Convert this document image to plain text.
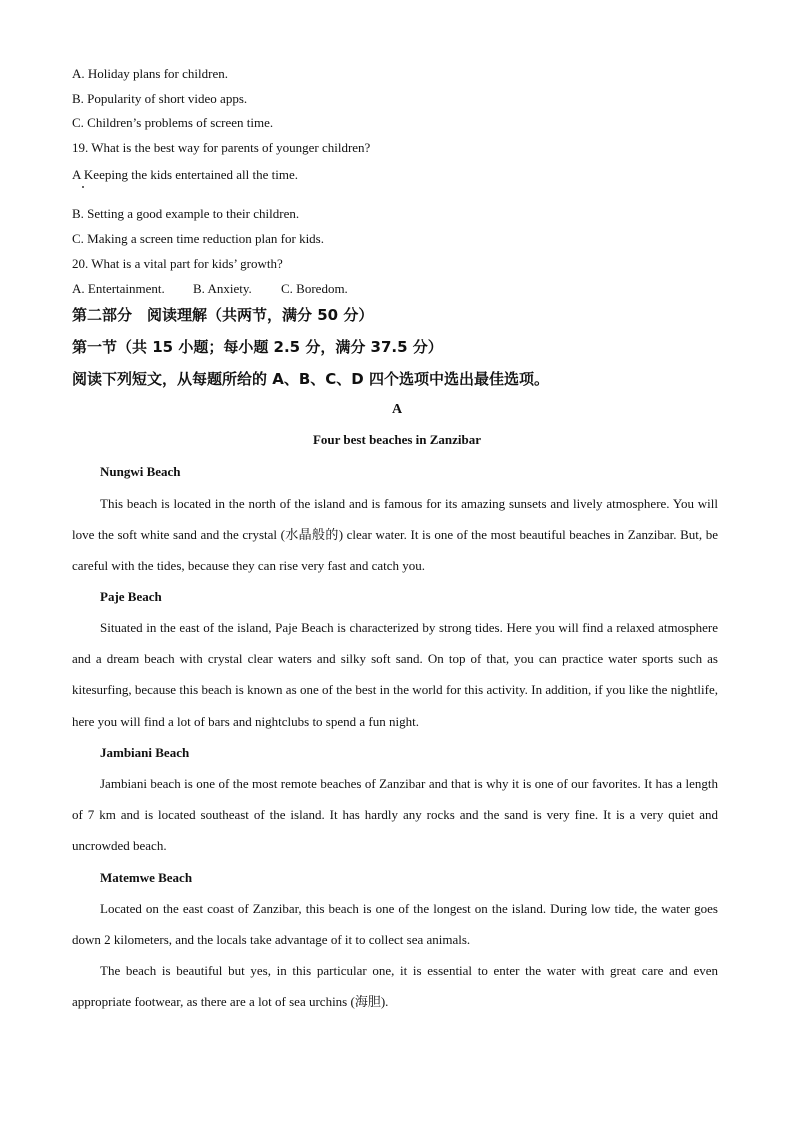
A. Holiday plans for children.
B. Popularity of short video apps.
C. Children’s problems of screen time.
19. What is the best way for parents of younger children?
A Keeping the kids entertained all the time.
B. Setting a good example to their children.
C. Making a screen time reduction plan for kids.
20. What is a vital part for kids’ growth?
A. Entertainment. B. Anxiety. C. Boredom.
第二部分　阅读理解（共两节，满分 50 分）
第一节（共 15 小题；每小题 2.5 分，满分 37.5 分）
阅读下列短文，从每题所给的 A、B、C、D 四个选项中选出最佳选项。
A
Four best beaches in Zanzibar
Nungwi Beach
This beach is located in the north of the island and is famous for its amazing sunsets and lively atmosphere. You will love the soft white sand and the crystal (水晶般的) clear water. It is one of the most beautiful beaches in Zanzibar. But, be careful with the tides, because they can rise very fast and catch you.
Paje Beach
Situated in the east of the island, Paje Beach is characterized by strong tides. Here you will find a relaxed atmosphere and a dream beach with crystal clear waters and silky soft sand. On top of that, you can practice water sports such as kitesurfing, because this beach is known as one of the best in the world for this activity. In addition, if you like the nightlife, here you will find a lot of bars and nightclubs to spend a fun night.
Jambiani Beach
Jambiani beach is one of the most remote beaches of Zanzibar and that is why it is one of our favorites. It has a length of 7 km and is located southeast of the island. It has hardly any rocks and the sand is very fine. It is a very quiet and uncrowded beach.
Matemwe Beach
Located on the east coast of Zanzibar, this beach is one of the longest on the island. During low tide, the water goes down 2 kilometers, and the locals take advantage of it to collect sea animals.
The beach is beautiful but yes, in this particular one, it is essential to enter the water with great care and even appropriate footwear, as there are a lot of sea urchins (海胆).
